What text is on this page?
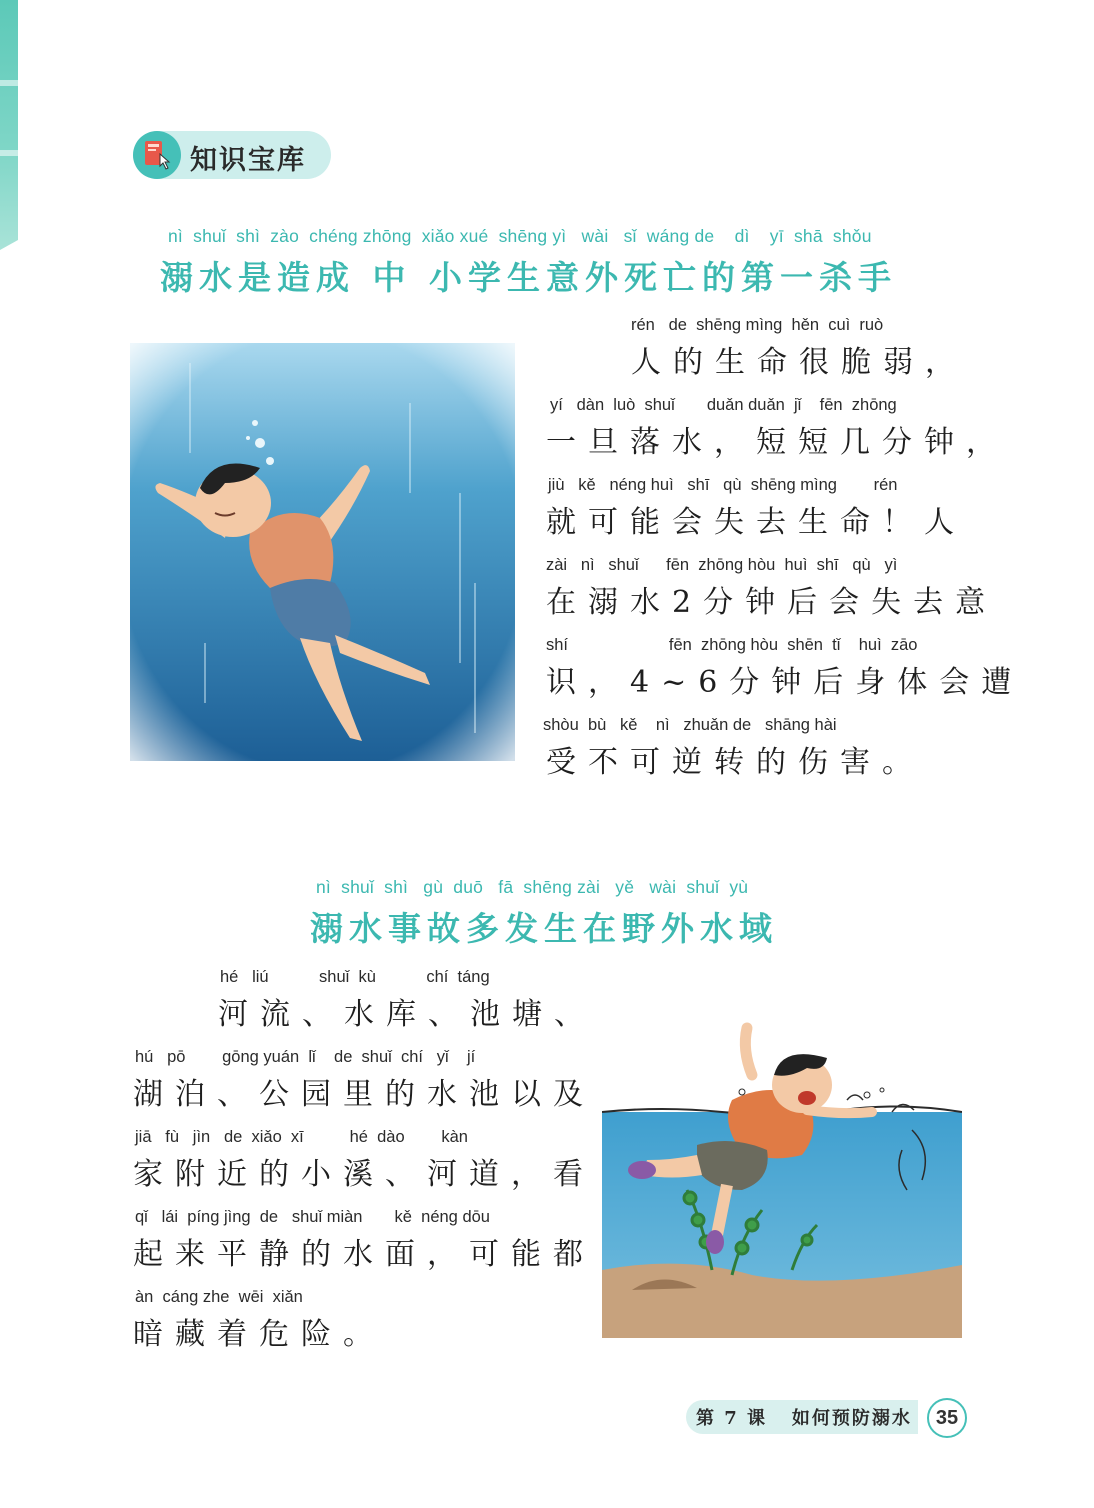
知识宝库
nì  shuǐ  shì  zào  chéng zhōng  xiǎo xué  shēng yì   wài   sǐ  wáng de    dì    yī  shā  shǒu
溺水是造成 中 小学生意外死亡的第一杀手
rén   de  shēng mìng  hěn  cuì  ruò
人的生命很脆弱，
yí   dàn  luò  shuǐ       duǎn duǎn  jǐ    fēn  zhōng
一旦落水，短短几分钟，
jiù   kě   néng huì   shī   qù  shēng mìng        rén
就可能会失去生命！人
zài   nì   shuǐ      fēn  zhōng hòu  huì  shī   qù   yì
在溺水2分钟后会失去意
shí                      fēn  zhōng hòu  shēn  tǐ    huì  zāo
识，4~6分钟后身体会遭
shòu  bù   kě    nì   zhuǎn de   shāng hài
受不可逆转的伤害。
nì  shuǐ  shì   gù  duō   fā  shēng zài   yě   wài  shuǐ  yù
溺水事故多发生在野外水域
hé   liú           shuǐ  kù           chí  táng
河流、水库、池塘、
hú   pō        gōng yuán  lǐ    de  shuǐ  chí   yǐ    jí
湖泊、公园里的水池以及
jiā   fù   jìn   de  xiǎo  xī          hé  dào        kàn
家附近的小溪、河道，看
qǐ   lái  píng jìng  de   shuǐ miàn       kě  néng dōu
起来平静的水面，可能都
àn  cáng zhe  wēi  xiǎn
暗藏着危险。
第 7 课   如何预防溺水	35
